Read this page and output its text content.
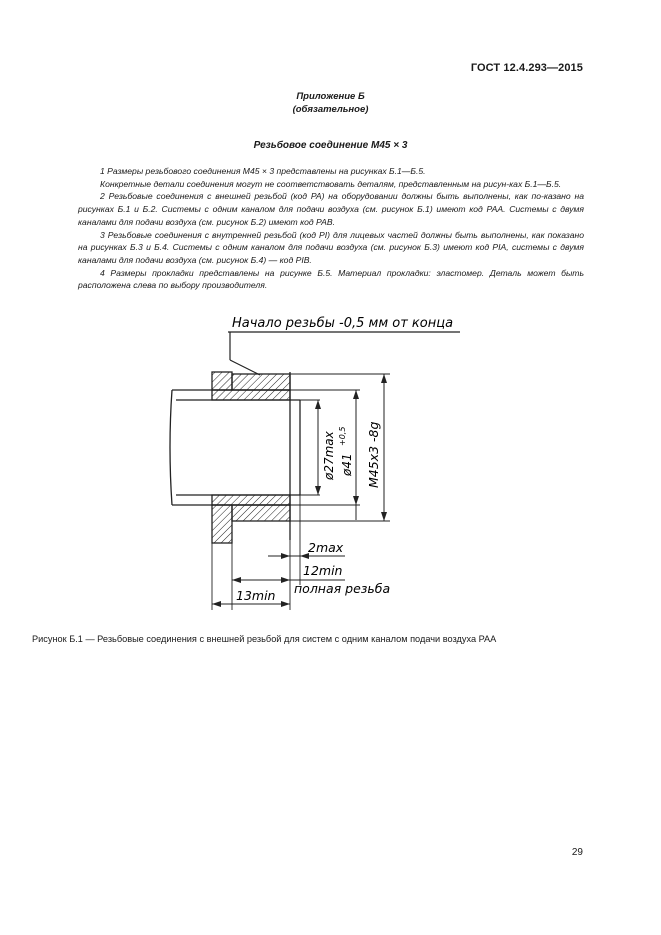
ГОСТ 12.4.293—2015
Приложение Б
(обязательное)
Резьбовое соединение M45 × 3

1 Размеры резьбового соединения M45 × 3 представлены на рисунках Б.1—Б.5.

Конкретные детали соединения могут не соответствовать деталям, представленным на рисун-ках Б.1—Б.5.

2 Резьбовые соединения с внешней резьбой (код PA) на оборудовании должны быть выполнены, как по-казано на рисунках Б.1 и Б.2. Системы с одним каналом для подачи воздуха (см. рисунок Б.1) имеют код PAA. Системы с двумя каналами для подачи воздуха (см. рисунок Б.2) имеют код PAB.

3 Резьбовые соединения с внутренней резьбой (код PI) для лицевых частей должны быть выполнены, как показано на рисунках Б.3 и Б.4. Системы с одним каналом для подачи воздуха (см. рисунок Б.3) имеют код PIA, системы с двумя каналами для подачи воздуха (см. рисунок Б.4) — код PIB.

4 Размеры прокладки представлены на рисунке Б.5. Материал прокладки: эластомер. Деталь может быть расположена слева по выбору производителя.

Начало резьбы -0,5 мм от конца
ø27max ø41
+0,5 M45x3 -8g
2max
12min
полная резьба
13min
Рисунок Б.1 — Резьбовые соединения с внешней резьбой для систем с одним каналом подачи воздуха PAA
29
